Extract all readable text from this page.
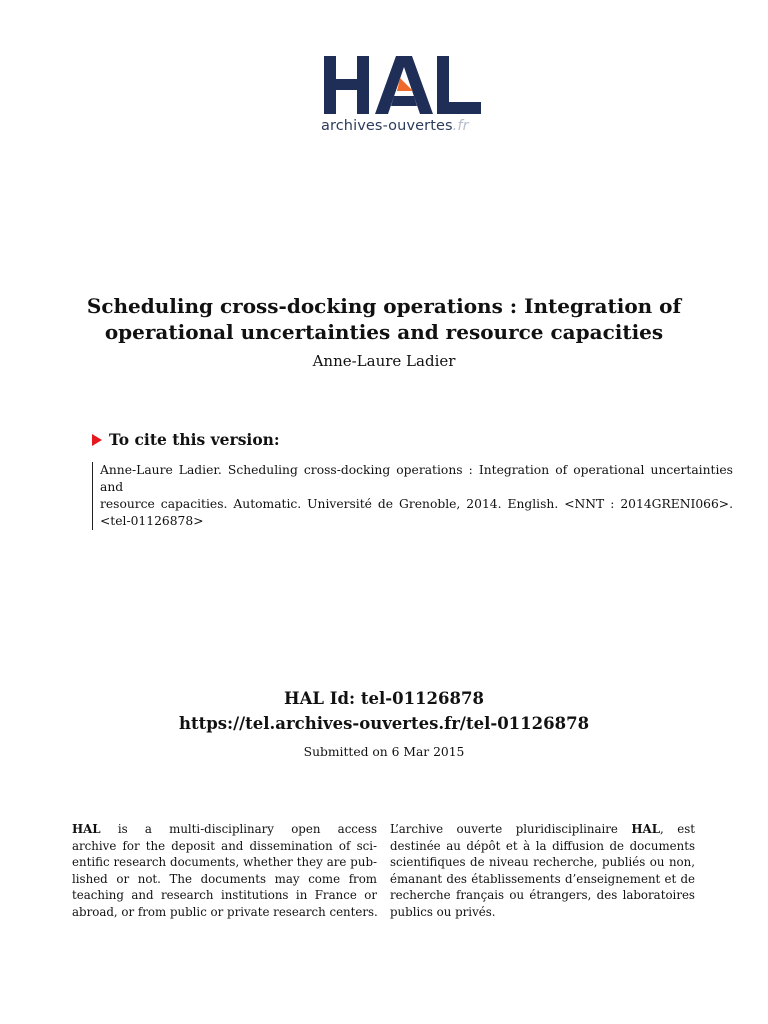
archives-ouvertes.fr
Scheduling cross-docking operations : Integration of
operational uncertainties and resource capacities
Anne-Laure Ladier
To cite this version:
Anne-Laure Ladier. Scheduling cross-docking operations : Integration of operational uncertainties and
resource capacities. Automatic. Université de Grenoble, 2014. English. <NNT : 2014GRENI066>.
<tel-01126878>
HAL Id: tel-01126878
https://tel.archives-ouvertes.fr/tel-01126878
Submitted on 6 Mar 2015
HAL is a multi-disciplinary open access
archive for the deposit and dissemination of sci-
entific research documents, whether they are pub-
lished or not. The documents may come from
teaching and research institutions in France or
abroad, or from public or private research centers.
L’archive ouverte pluridisciplinaire HAL, est
destinée au dépôt et à la diffusion de documents
scientifiques de niveau recherche, publiés ou non,
émanant des établissements d’enseignement et de
recherche français ou étrangers, des laboratoires
publics ou privés.
